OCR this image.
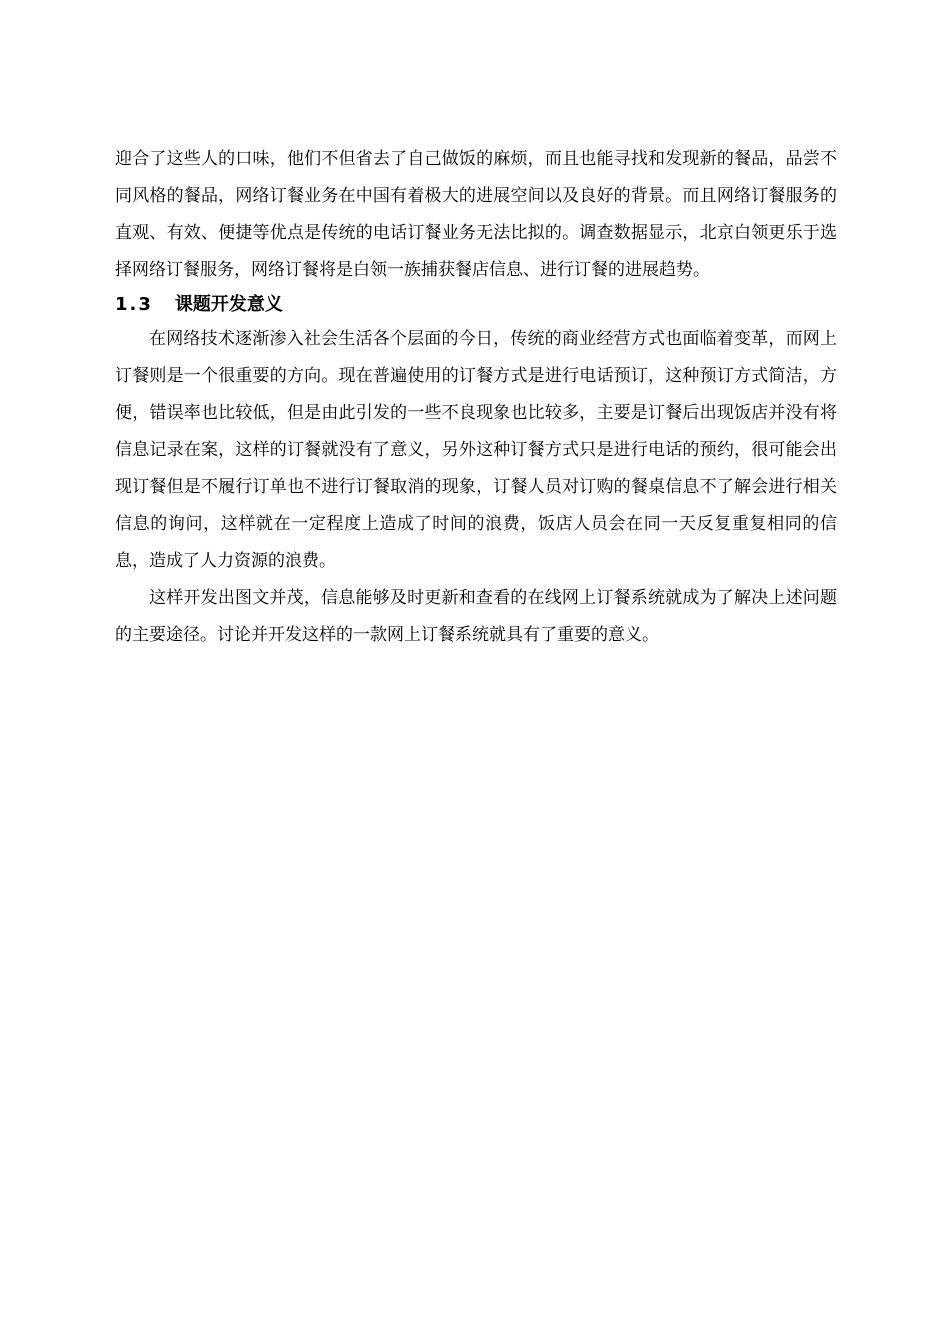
迎合了这些人的口味，他们不但省去了自己做饭的麻烦，而且也能寻找和发现新的餐品，品尝不同风格的餐品，网络订餐业务在中国有着极大的进展空间以及良好的背景。而且网络订餐服务的直观、有效、便捷等优点是传统的电话订餐业务无法比拟的。调查数据显示，北京白领更乐于选择网络订餐服务，网络订餐将是白领一族捕获餐店信息、进行订餐的进展趋势。

1.3 课题开发意义

在网络技术逐渐渗入社会生活各个层面的今日，传统的商业经营方式也面临着变革，而网上订餐则是一个很重要的方向。现在普遍使用的订餐方式是进行电话预订，这种预订方式简洁，方便，错误率也比较低，但是由此引发的一些不良现象也比较多，主要是订餐后出现饭店并没有将信息记录在案，这样的订餐就没有了意义，另外这种订餐方式只是进行电话的预约，很可能会出现订餐但是不履行订单也不进行订餐取消的现象，订餐人员对订购的餐桌信息不了解会进行相关信息的询问，这样就在一定程度上造成了时间的浪费，饭店人员会在同一天反复重复相同的信息，造成了人力资源的浪费。

这样开发出图文并茂，信息能够及时更新和查看的在线网上订餐系统就成为了解决上述问题的主要途径。讨论并开发这样的一款网上订餐系统就具有了重要的意义。
